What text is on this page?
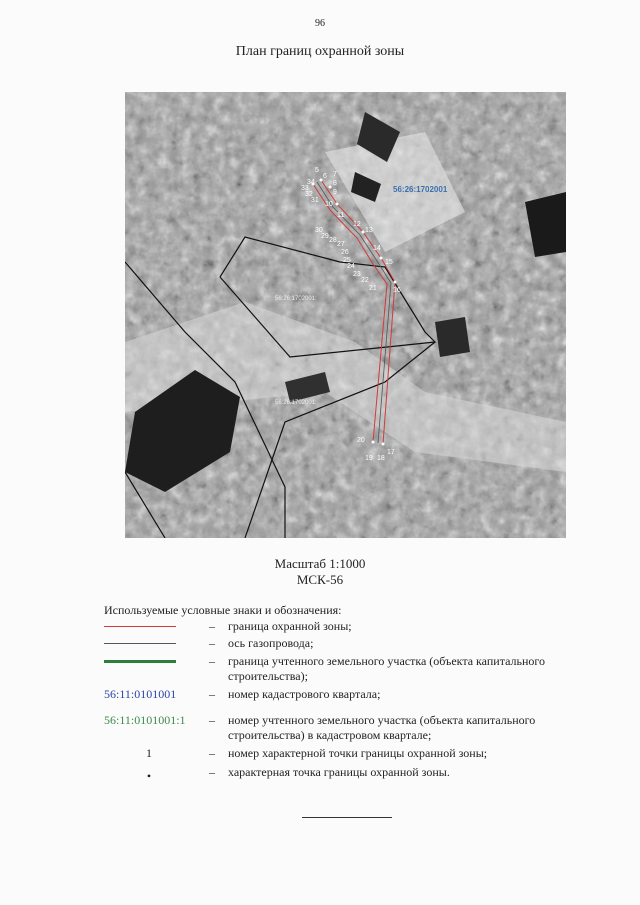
96
План границ охранной зоны
5
6 7
8
9
10
11
12
13
14
15
16
17
18
19
20
21
22
23
24
25
26
27
28
29
30
31
32
33
34
56:26:1702001
56:26:1702001:
56:26:1702001:
Масштаб 1:1000
МСК-56
Используемые условные знаки и обозначения:
– граница охранной зоны;
– ось газопровода;
– граница учтенного земельного участка (объекта капитального строительства);
56:11:0101001	– номер кадастрового квартала;
56:11:0101001:1	– номер учтенного земельного участка (объекта капитального строительства) в кадастровом квартале;
1	– номер характерной точки границы охранной зоны;
•	– характерная точка границы охранной зоны.
